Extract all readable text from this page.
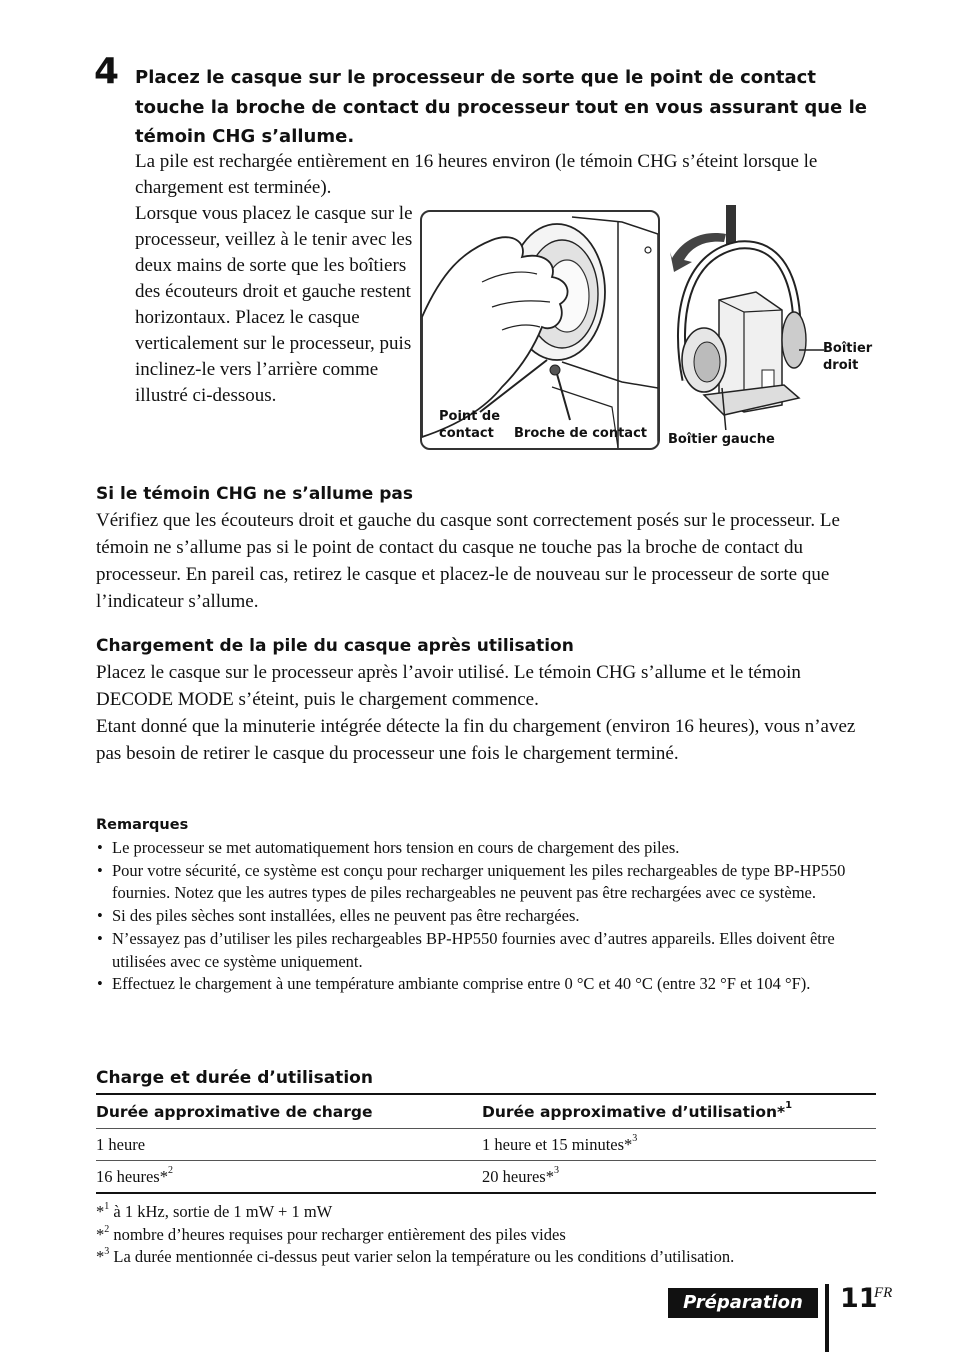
4 Placez le casque sur le processeur de sorte que le point de contact touche la broche de contact du processeur tout en vous assurant que le témoin CHG s’allume.
La pile est rechargée entièrement en 16 heures environ (le témoin CHG s’éteint lorsque le chargement est terminée).
Lorsque vous placez le casque sur le processeur, veillez à le tenir avec les deux mains de sorte que les boîtiers des écouteurs droit et gauche restent horizontaux. Placez le casque verticalement sur le processeur, puis inclinez-le vers l’arrière comme illustré ci-dessous.
Point de
contact	Broche de contact Boîtier gauche
Boîtier
droit
Si le témoin CHG ne s’allume pas
Vérifiez que les écouteurs droit et gauche du casque sont correctement posés sur le processeur. Le témoin ne s’allume pas si le point de contact du casque ne touche pas la broche de contact du processeur. En pareil cas, retirez le casque et placez-le de nouveau sur le processeur de sorte que l’indicateur s’allume.
Chargement de la pile du casque après utilisation
Placez le casque sur le processeur après l’avoir utilisé. Le témoin CHG s’allume et le témoin DECODE MODE s’éteint, puis le chargement commence.
Etant donné que la minuterie intégrée détecte la fin du chargement (environ 16 heures), vous n’avez pas besoin de retirer le casque du processeur une fois le chargement terminé.
Remarques
• Le processeur se met automatiquement hors tension en cours de chargement des piles.
• Pour votre sécurité, ce système est conçu pour recharger uniquement les piles rechargeables de type BP-HP550 fournies. Notez que les autres types de piles rechargeables ne peuvent pas être rechargées avec ce système.
• Si des piles sèches sont installées, elles ne peuvent pas être rechargées.
• N’essayez pas d’utiliser les piles rechargeables BP-HP550 fournies avec d’autres appareils. Elles doivent être utilisées avec ce système uniquement.
• Effectuez le chargement à une température ambiante comprise entre 0 °C et 40 °C (entre 32 °F et 104 °F).
Charge et durée d’utilisation
Durée approximative de charge	Durée approximative d’utilisation*$^1$
1 heure	1 heure et 15 minutes*$^3$
16 heures*$^2$	20 heures*$^3$
*$^1$ à 1 kHz, sortie de 1 mW + 1 mW
*$^2$ nombre d’heures requises pour recharger entièrement des piles vides
*$^3$ La durée mentionnée ci-dessus peut varier selon la température ou les conditions d’utilisation.
Préparation	11
FR
